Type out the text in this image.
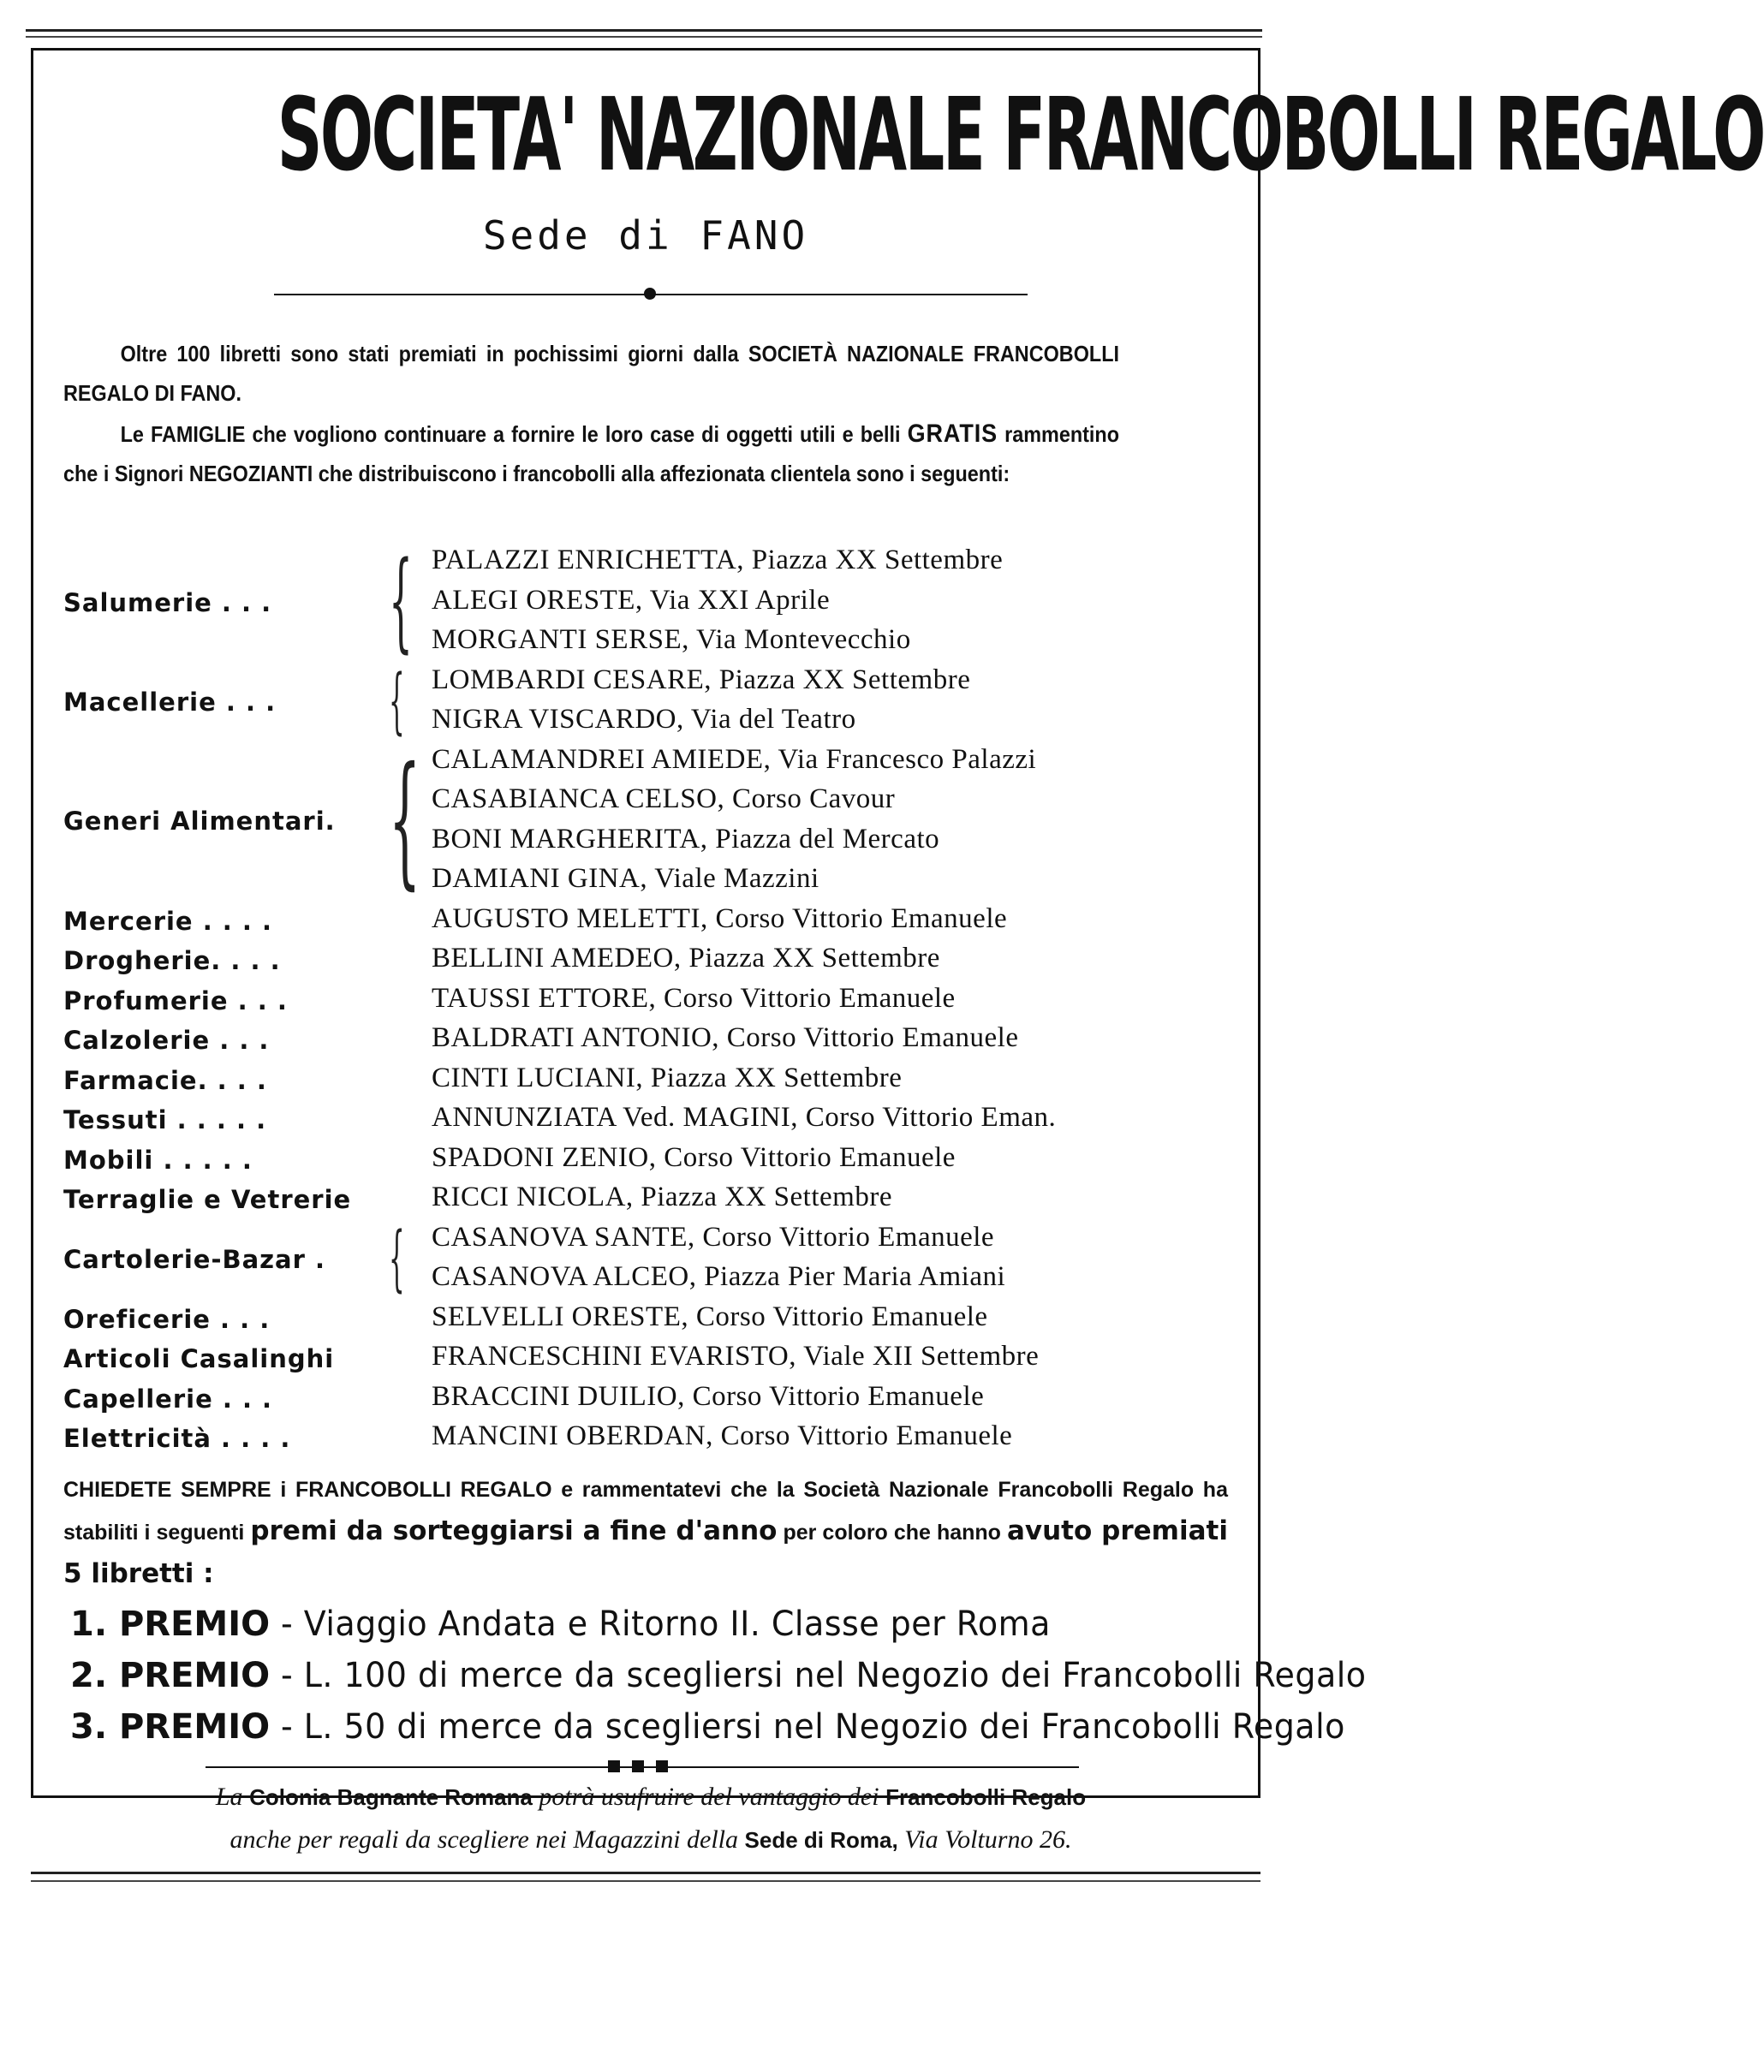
SOCIETA' NAZIONALE FRANCOBOLLI REGALO
Sede di FANO
Oltre 100 libretti sono stati premiati in pochissimi giorni dalla SOCIETÀ NAZIONALE FRANCOBOLLI REGALO DI FANO.
Le FAMIGLIE che vogliono continuare a fornire le loro case di oggetti utili e belli GRATIS rammentino che i Signori NEGOZIANTI che distribuiscono i francobolli alla affezionata clientela sono i seguenti:
Salumerie . . . { PALAZZI ENRICHETTA, Piazza XX Settembre
ALEGI ORESTE, Via XXI Aprile
MORGANTI SERSE, Via Montevecchio
Macellerie . . . { LOMBARDI CESARE, Piazza XX Settembre
NIGRA VISCARDO, Via del Teatro
Generi Alimentari. { CALAMANDREI AMIEDE, Via Francesco Palazzi
CASABIANCA CELSO, Corso Cavour
BONI MARGHERITA, Piazza del Mercato
DAMIANI GINA, Viale Mazzini
Mercerie . . . .	AUGUSTO MELETTI, Corso Vittorio Emanuele
Drogherie. . . .	BELLINI AMEDEO, Piazza XX Settembre
Profumerie . . .	TAUSSI ETTORE, Corso Vittorio Emanuele
Calzolerie . . .	BALDRATI ANTONIO, Corso Vittorio Emanuele
Farmacie. . . .	CINTI LUCIANI, Piazza XX Settembre
Tessuti . . . . .	ANNUNZIATA Ved. MAGINI, Corso Vittorio Eman.
Mobili . . . . .	SPADONI ZENIO, Corso Vittorio Emanuele
Terraglie e Vetrerie	RICCI NICOLA, Piazza XX Settembre
Cartolerie-Bazar . { CASANOVA SANTE, Corso Vittorio Emanuele
CASANOVA ALCEO, Piazza Pier Maria Amiani
Oreficerie . . .	SELVELLI ORESTE, Corso Vittorio Emanuele
Articoli Casalinghi	FRANCESCHINI EVARISTO, Viale XII Settembre
Capellerie . . .	BRACCINI DUILIO, Corso Vittorio Emanuele
Elettricità . . . .	MANCINI OBERDAN, Corso Vittorio Emanuele
CHIEDETE SEMPRE i FRANCOBOLLI REGALO e rammentatevi che la Società Nazionale Francobolli Regalo ha stabiliti i seguenti premi da sorteggiarsi a fine d'anno per coloro che hanno avuto premiati 5 libretti :
1. PREMIO - Viaggio Andata e Ritorno II. Classe per Roma
2. PREMIO - L. 100 di merce da scegliersi nel Negozio dei Francobolli Regalo
3. PREMIO - L. 50 di merce da scegliersi nel Negozio dei Francobolli Regalo
La Colonia Bagnante Romana potrà usufruire del vantaggio dei Francobolli Regalo
anche per regali da scegliere nei Magazzini della Sede di Roma, Via Volturno 26.
